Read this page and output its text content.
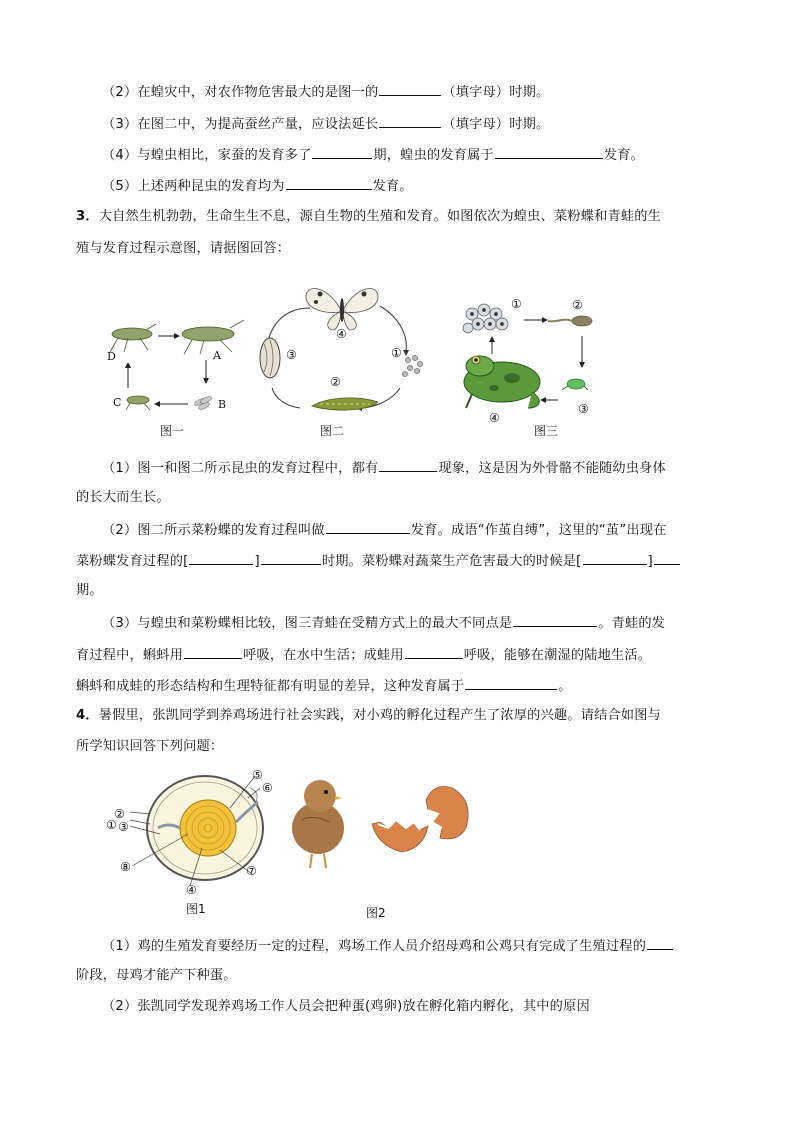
（2）在蝗灾中，对农作物危害最大的是图一的	（填字母）时期。
（3）在图二中，为提高蚕丝产量，应设法延长	（填字母）时期。
（4）与蝗虫相比，家蚕的发育多了	期，蝗虫的发育属于	发育。
（5）上述两种昆虫的发育均为	发育。
3．大自然生机勃勃，生命生生不息，源自生物的生殖和发育。如图依次为蝗虫、菜粉蝶和青蛙的生
殖与发育过程示意图，请据图回答：
D	A
C	B
图一
④
①
②
③
图二
①	②
③
④
图三
（1）图一和图二所示昆虫的发育过程中，都有	现象，这是因为外骨骼不能随幼虫身体
的长大而生长。
（2）图二所示菜粉蝶的发育过程叫做	发育。成语“作茧自缚”，这里的“茧”出现在
菜粉蝶发育过程的[	]	时期。菜粉蝶对蔬菜生产危害最大的时候是[	]
期。
（3）与蝗虫和菜粉蝶相比较，图三青蛙在受精方式上的最大不同点是	。青蛙的发
育过程中，蝌蚪用	呼吸，在水中生活；成蛙用	呼吸，能够在潮湿的陆地生活。
蝌蚪和成蛙的形态结构和生理特征都有明显的差异，这种发育属于	。
4．暑假里，张凯同学到养鸡场进行社会实践，对小鸡的孵化过程产生了浓厚的兴趣。请结合如图与
所学知识回答下列问题：
②
③
①
⑧
④
⑤
⑥
⑦
图1	图2
（1）鸡的生殖发育要经历一定的过程，鸡场工作人员介绍母鸡和公鸡只有完成了生殖过程的
阶段，母鸡才能产下种蛋。
（2）张凯同学发现养鸡场工作人员会把种蛋(鸡卵)放在孵化箱内孵化，其中的原因
